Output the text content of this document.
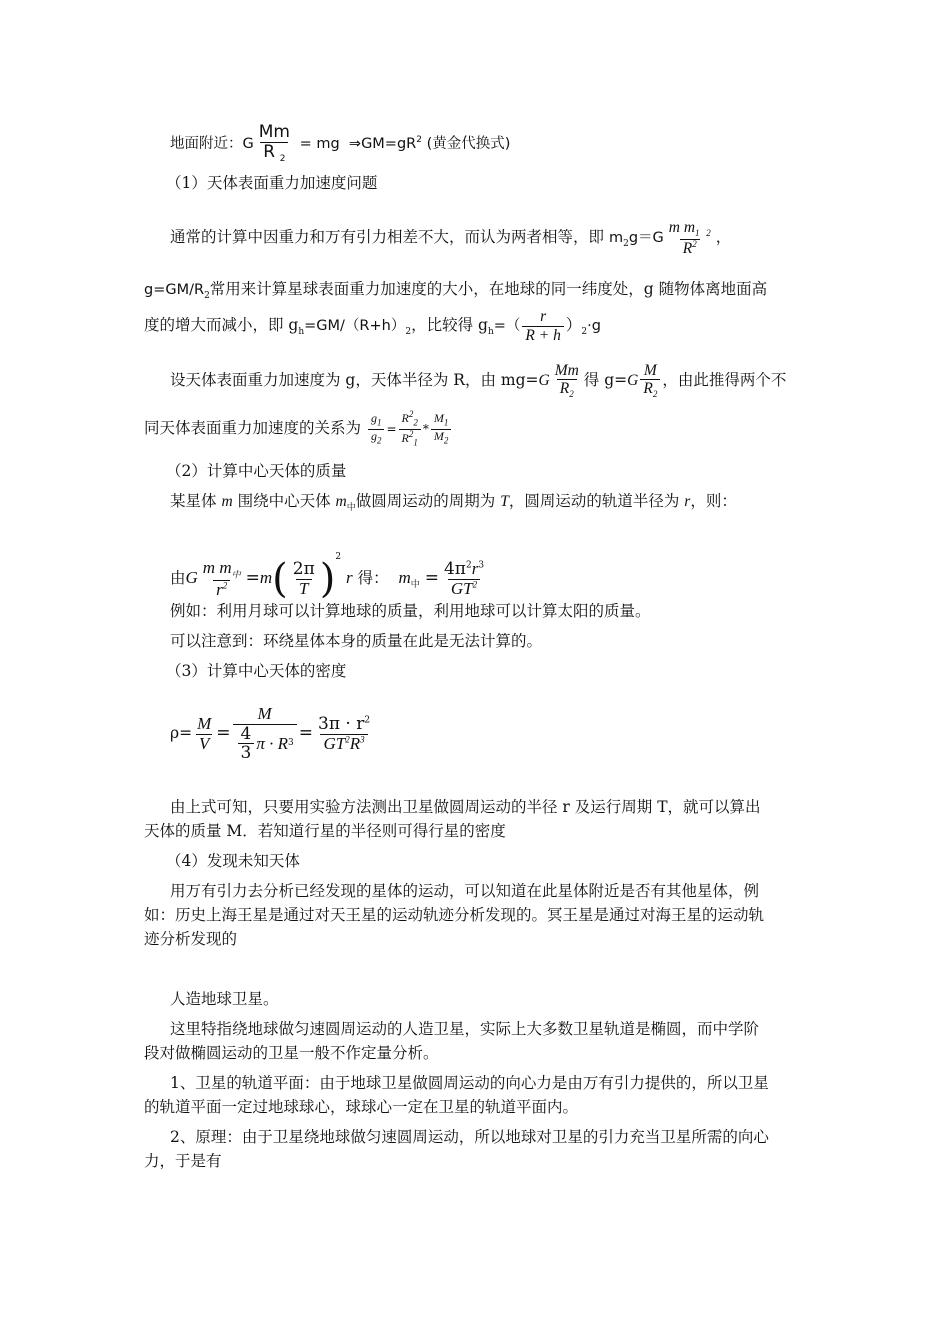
地面附近：G $\frac{Mm}{R _2}$ = mg $\Rightarrow GM=gR^2$ (黄金代换式)
（1）天体表面重力加速度问题
通常的计算中因重力和万有引力相差不大，而认为两者相等，即 $m_2g=G \frac{m m_{1 2}}{R^2}$ ，
$g=GM/R_2$常用来计算星球表面重力加速度的大小，在地球的同一纬度处，g 随物体离地面高
度的增大而减小，即 $g_h=GM/(R+h)_2$，比较得 $g_h=( \frac{r}{R + h} )_2\cdot g$
设天体表面重力加速度为 g，天体半径为 R，由 $mg=G \frac{Mm}{R_2}$ 得 $g=G \frac{M}{R_2}$ ，由此推得两个不
同天体表面重力加速度的关系为 $\frac{g_1}{g_2} = \frac{R^2_2}{R^2_1} * \frac{M_1}{M_2}$
（2）计算中心天体的质量
某星体 m 围绕中心天体 $m_中$做圆周运动的周期为 T，圆周运动的轨道半径为 r，则：
由G $\frac{m m_中}{r^2} =m( \frac{2\pi}{T} )^2$ r 得： $m_中 = \frac{4\pi^2r^3}{GT^2}$
例如：利用月球可以计算地球的质量，利用地球可以计算太阳的质量。
可以注意到：环绕星体本身的质量在此是无法计算的。
（3）计算中心天体的密度
$\rho= \frac{M}{V} = \frac{M}{\frac{4}{3} \pi \cdot R 3} = \frac{3\pi \cdot r^2}{GT^2R^3}$
由上式可知，只要用实验方法测出卫星做圆周运动的半径 r 及运行周期 T，就可以算出
天体的质量 M．若知道行星的半径则可得行星的密度
（4）发现未知天体
用万有引力去分析已经发现的星体的运动，可以知道在此星体附近是否有其他星体，例
如：历史上海王星是通过对天王星的运动轨迹分析发现的。冥王星是通过对海王星的运动轨
迹分析发现的
人造地球卫星。
这里特指绕地球做匀速圆周运动的人造卫星，实际上大多数卫星轨道是椭圆，而中学阶
段对做椭圆运动的卫星一般不作定量分析。
1、卫星的轨道平面：由于地球卫星做圆周运动的向心力是由万有引力提供的，所以卫星
的轨道平面一定过地球球心，球球心一定在卫星的轨道平面内。
2、原理：由于卫星绕地球做匀速圆周运动，所以地球对卫星的引力充当卫星所需的向心
力，于是有
